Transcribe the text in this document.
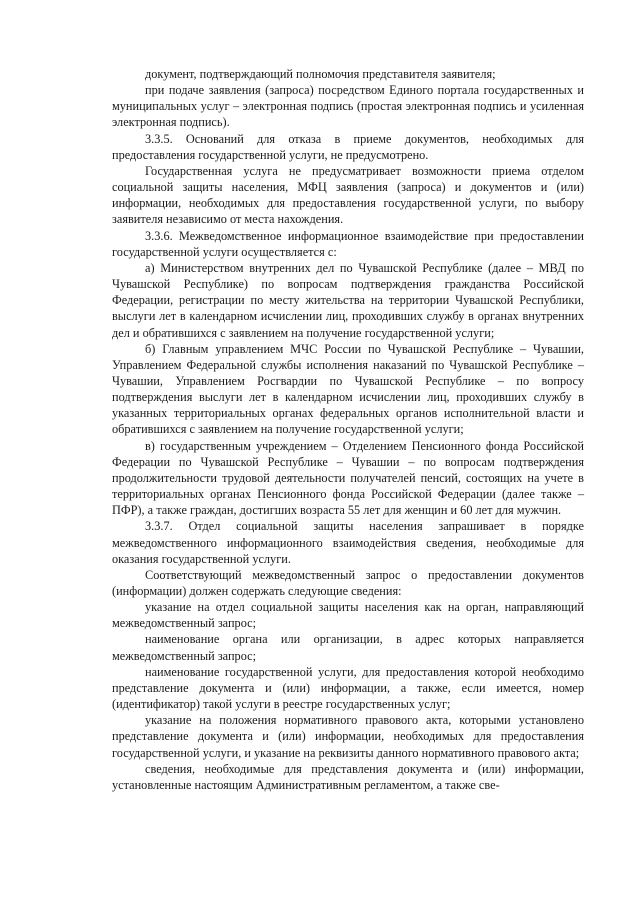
документ, подтверждающий полномочия представителя заявителя;

при подаче заявления (запроса) посредством Единого портала государственных и муниципальных услуг – электронная подпись (простая электронная подпись и усиленная электронная подпись).

3.3.5. Оснований для отказа в приеме документов, необходимых для предоставления государственной услуги, не предусмотрено.

Государственная услуга не предусматривает возможности приема отделом социальной защиты населения, МФЦ заявления (запроса) и документов и (или) информации, необходимых для предоставления государственной услуги, по выбору заявителя независимо от места нахождения.

3.3.6. Межведомственное информационное взаимодействие при предоставлении государственной услуги осуществляется с:

а) Министерством внутренних дел по Чувашской Республике (далее – МВД по Чувашской Республике) по вопросам подтверждения гражданства Российской Федерации, регистрации по месту жительства на территории Чувашской Республики, выслуги лет в календарном исчислении лиц, проходивших службу в органах внутренних дел и обратившихся с заявлением на получение государственной услуги;

б) Главным управлением МЧС России по Чувашской Республике – Чувашии, Управлением Федеральной службы исполнения наказаний по Чувашской Республике – Чувашии, Управлением Росгвардии по Чувашской Республике – по вопросу подтверждения выслуги лет в календарном исчислении лиц, проходивших службу в указанных территориальных органах федеральных органов исполнительной власти и обратившихся с заявлением на получение государственной услуги;

в) государственным учреждением – Отделением Пенсионного фонда Российской Федерации по Чувашской Республике – Чувашии – по вопросам подтверждения продолжительности трудовой деятельности получателей пенсий, состоящих на учете в территориальных органах Пенсионного фонда Российской Федерации (далее также – ПФР), а также граждан, достигших возраста 55 лет для женщин и 60 лет для мужчин.

3.3.7. Отдел социальной защиты населения запрашивает в порядке межведомственного информационного взаимодействия сведения, необходимые для оказания государственной услуги.

Соответствующий межведомственный запрос о предоставлении документов (информации) должен содержать следующие сведения:

указание на отдел социальной защиты населения как на орган, направляющий межведомственный запрос;

наименование органа или организации, в адрес которых направляется межведомственный запрос;

наименование государственной услуги, для предоставления которой необходимо представление документа и (или) информации, а также, если имеется, номер (идентификатор) такой услуги в реестре государственных услуг;

указание на положения нормативного правового акта, которыми установлено представление документа и (или) информации, необходимых для предоставления государственной услуги, и указание на реквизиты данного нормативного правового акта;

сведения, необходимые для представления документа и (или) информации, установленные настоящим Административным регламентом, а также све-
